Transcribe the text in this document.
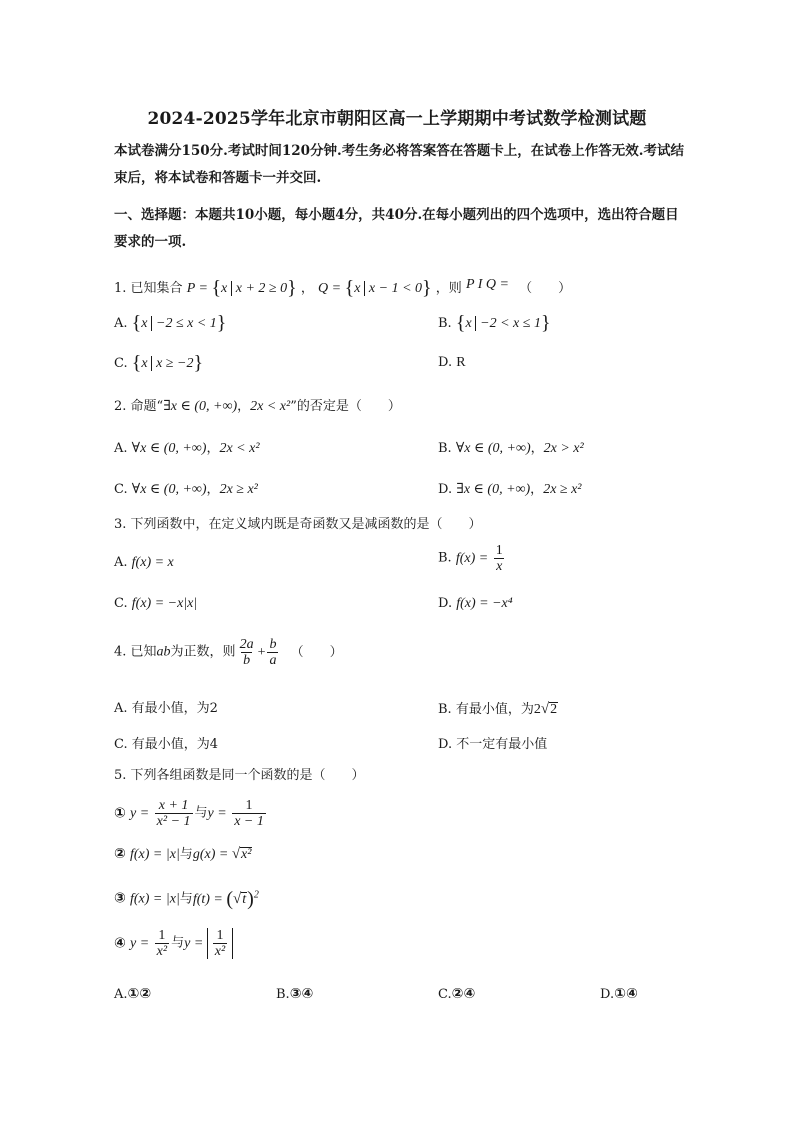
2024-2025学年北京市朝阳区高一上学期期中考试数学检测试题
本试卷满分150分.考试时间120分钟.考生务必将答案答在答题卡上，在试卷上作答无效.考试结束后，将本试卷和答题卡一并交回.
一、选择题：本题共10小题，每小题4分，共40分.在每小题列出的四个选项中，选出符合题目要求的一项.
1. 已知集合 P = {x x + 2 ≥ 0} ， Q = {x x − 1 < 0} ，则 P I Q = （　　）
A. {x −2 ≤ x < 1}	B. {x −2 < x ≤ 1}
C. {x x ≥ −2}	D. R
2. 命题“∃x ∈ (0, +∞)，2x < x²”的否定是（　　）
A. ∀x ∈ (0, +∞)，2x < x²	B. ∀x ∈ (0, +∞)，2x > x²
C. ∀x ∈ (0, +∞)，2x ≥ x²	D. ∃x ∈ (0, +∞)，2x ≥ x²
3. 下列函数中，在定义域内既是奇函数又是减函数的是（　　）
A. f(x) = x	B. $f(x) = \frac{1}{x}$
C. f(x) = −x|x|	D. f(x) = −x⁴
4. 已知ab为正数，则 $\frac{2a}{b} + \frac{b}{a}$ （　　）
A. 有最小值，为2	B. 有最小值，为2 √ 2
C. 有最小值，为4	D. 不一定有最小值
5. 下列各组函数是同一个函数的是（　　）
① $y = \frac{x + 1}{\text{x² − 1}}$ 与$y = \frac{1}{x - 1}$
② f(x) = |x|与g(x) = √ x²
③ f(x) = |x|与f(t) = ( √ t )$^2$
④ $y = \frac{1}{\text{x²}}$ 与$y = \frac{1}{\text{x²}}$
A.①②	B.③④	C.②④	D.①④
